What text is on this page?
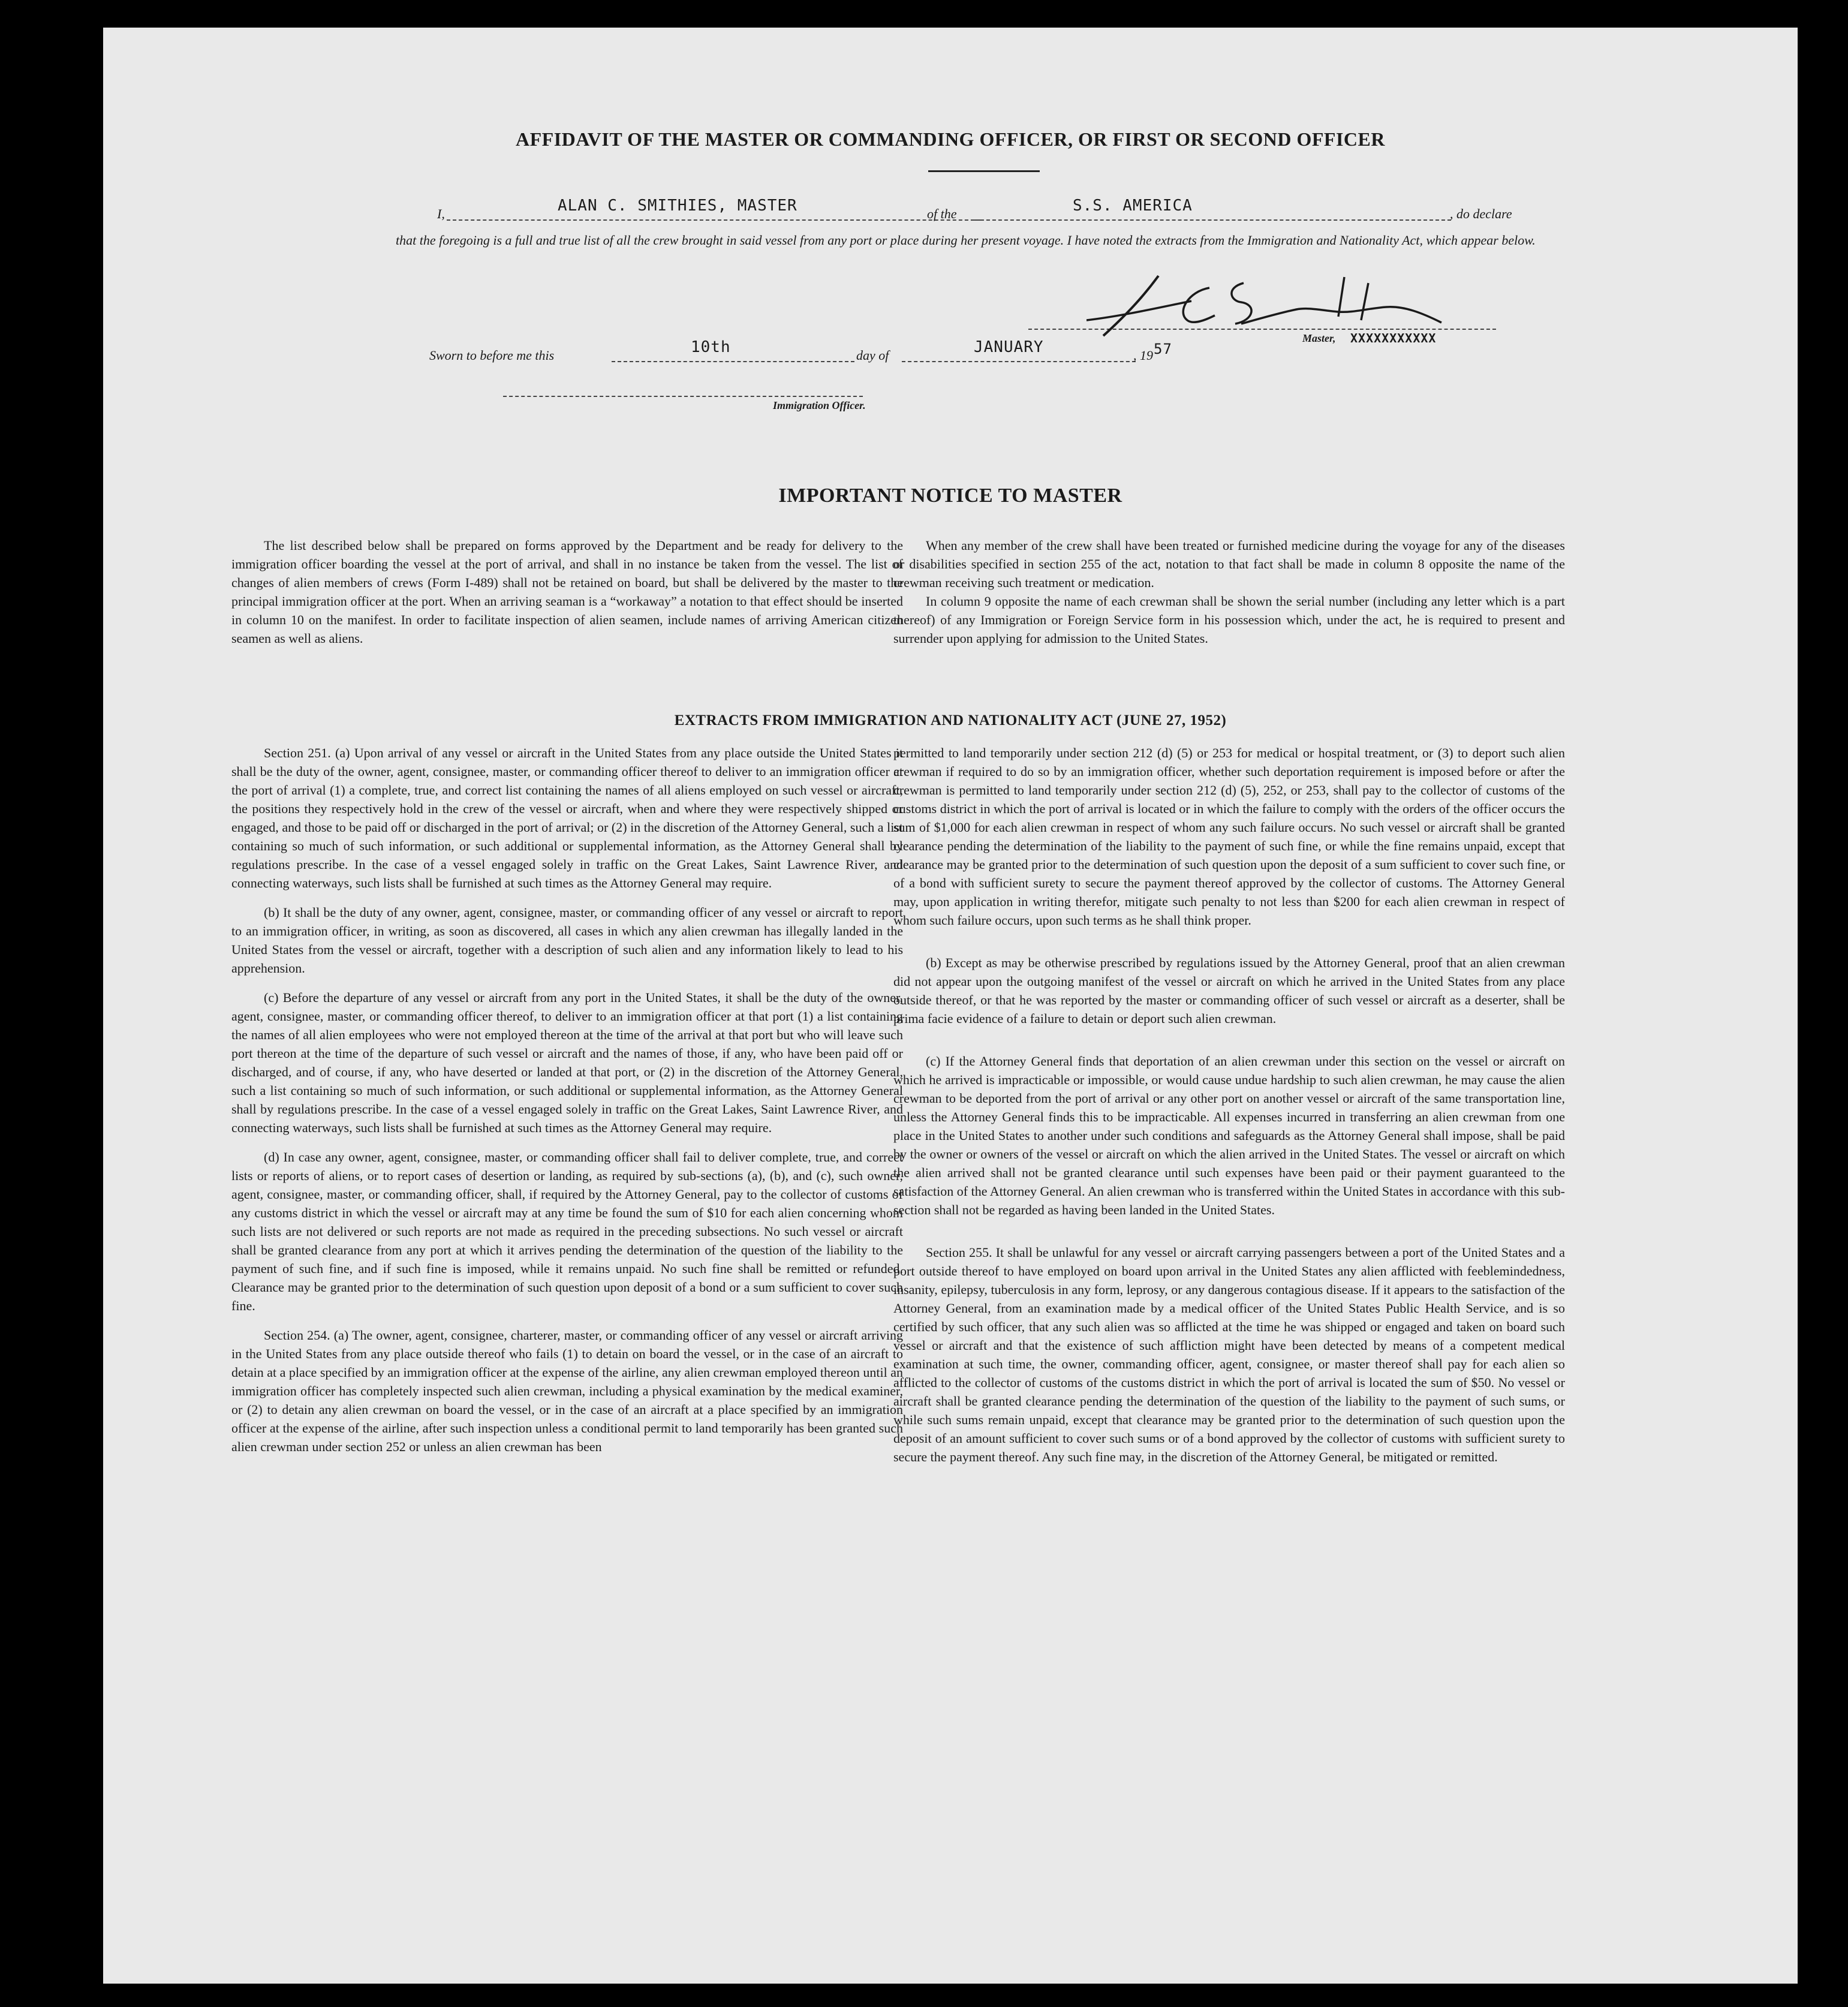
AFFIDAVIT OF THE MASTER OR COMMANDING OFFICER, OR FIRST OR SECOND OFFICER
I,	ALAN C. SMITHIES, MASTER	of the	S.S. AMERICA	, do declare
that the foregoing is a full and true list of all the crew brought in said vessel from any port or place during her present voyage. I have noted the extracts from the Immigration and Nationality Act, which appear below.
Master, XXXXXXXXXXX
Sworn to before me this	10th	day of	JANUARY	, 19 57
Immigration Officer.
IMPORTANT NOTICE TO MASTER

The list described below shall be prepared on forms approved by the Department and be ready for delivery to the immigration officer boarding the vessel at the port of arrival, and shall in no instance be taken from the vessel. The list of changes of alien members of crews (Form I-489) shall not be retained on board, but shall be delivered by the master to the principal immigration officer at the port. When an arriving seaman is a “workaway” a notation to that effect should be inserted in column 10 on the manifest. In order to facilitate inspection of alien seamen, include names of arriving American citizen seamen as well as aliens.

When any member of the crew shall have been treated or furnished medicine during the voyage for any of the diseases or disabilities specified in section 255 of the act, notation to that fact shall be made in column 8 opposite the name of the crewman receiving such treatment or medication.

In column 9 opposite the name of each crewman shall be shown the serial number (including any letter which is a part thereof) of any Immigration or Foreign Service form in his possession which, under the act, he is required to present and surrender upon applying for admission to the United States.

EXTRACTS FROM IMMIGRATION AND NATIONALITY ACT (JUNE 27, 1952)

Section 251. (a) Upon arrival of any vessel or aircraft in the United States from any place outside the United States it shall be the duty of the owner, agent, consignee, master, or commanding officer thereof to deliver to an immigration officer at the port of arrival (1) a complete, true, and correct list containing the names of all aliens employed on such vessel or aircraft, the positions they respectively hold in the crew of the vessel or aircraft, when and where they were respectively shipped or engaged, and those to be paid off or discharged in the port of arrival; or (2) in the discretion of the Attorney General, such a list containing so much of such information, or such additional or supplemental information, as the Attorney General shall by regulations prescribe. In the case of a vessel engaged solely in traffic on the Great Lakes, Saint Lawrence River, and connecting waterways, such lists shall be furnished at such times as the Attorney General may require.

(b) It shall be the duty of any owner, agent, consignee, master, or commanding officer of any vessel or aircraft to report to an immigration officer, in writing, as soon as discovered, all cases in which any alien crewman has illegally landed in the United States from the vessel or aircraft, together with a description of such alien and any information likely to lead to his apprehension.

(c) Before the departure of any vessel or aircraft from any port in the United States, it shall be the duty of the owner, agent, consignee, master, or commanding officer thereof, to deliver to an immigration officer at that port (1) a list containing the names of all alien employees who were not employed thereon at the time of the arrival at that port but who will leave such port thereon at the time of the departure of such vessel or aircraft and the names of those, if any, who have been paid off or discharged, and of course, if any, who have deserted or landed at that port, or (2) in the discretion of the Attorney General, such a list containing so much of such information, or such additional or supplemental information, as the Attorney General shall by regulations prescribe. In the case of a vessel engaged solely in traffic on the Great Lakes, Saint Lawrence River, and connecting waterways, such lists shall be furnished at such times as the Attorney General may require.

(d) In case any owner, agent, consignee, master, or commanding officer shall fail to deliver complete, true, and correct lists or reports of aliens, or to report cases of desertion or landing, as required by sub-sections (a), (b), and (c), such owner, agent, consignee, master, or commanding officer, shall, if required by the Attorney General, pay to the collector of customs of any customs district in which the vessel or aircraft may at any time be found the sum of $10 for each alien concerning whom such lists are not delivered or such reports are not made as required in the preceding subsections. No such vessel or aircraft shall be granted clearance from any port at which it arrives pending the determination of the question of the liability to the payment of such fine, and if such fine is imposed, while it remains unpaid. No such fine shall be remitted or refunded. Clearance may be granted prior to the determination of such question upon deposit of a bond or a sum sufficient to cover such fine.

Section 254. (a) The owner, agent, consignee, charterer, master, or commanding officer of any vessel or aircraft arriving in the United States from any place outside thereof who fails (1) to detain on board the vessel, or in the case of an aircraft to detain at a place specified by an immigration officer at the expense of the airline, any alien crewman employed thereon until an immigration officer has completely inspected such alien crewman, including a physical examination by the medical examiner, or (2) to detain any alien crewman on board the vessel, or in the case of an aircraft at a place specified by an immigration officer at the expense of the airline, after such inspection unless a conditional permit to land temporarily has been granted such alien crewman under section 252 or unless an alien crewman has been

permitted to land temporarily under section 212 (d) (5) or 253 for medical or hospital treatment, or (3) to deport such alien crewman if required to do so by an immigration officer, whether such deportation requirement is imposed before or after the crewman is permitted to land temporarily under section 212 (d) (5), 252, or 253, shall pay to the collector of customs of the customs district in which the port of arrival is located or in which the failure to comply with the orders of the officer occurs the sum of $1,000 for each alien crewman in respect of whom any such failure occurs. No such vessel or aircraft shall be granted clearance pending the determination of the liability to the payment of such fine, or while the fine remains unpaid, except that clearance may be granted prior to the determination of such question upon the deposit of a sum sufficient to cover such fine, or of a bond with sufficient surety to secure the payment thereof approved by the collector of customs. The Attorney General may, upon application in writing therefor, mitigate such penalty to not less than $200 for each alien crewman in respect of whom such failure occurs, upon such terms as he shall think proper.

(b) Except as may be otherwise prescribed by regulations issued by the Attorney General, proof that an alien crewman did not appear upon the outgoing manifest of the vessel or aircraft on which he arrived in the United States from any place outside thereof, or that he was reported by the master or commanding officer of such vessel or aircraft as a deserter, shall be prima facie evidence of a failure to detain or deport such alien crewman.

(c) If the Attorney General finds that deportation of an alien crewman under this section on the vessel or aircraft on which he arrived is impracticable or impossible, or would cause undue hardship to such alien crewman, he may cause the alien crewman to be deported from the port of arrival or any other port on another vessel or aircraft of the same transportation line, unless the Attorney General finds this to be impracticable. All expenses incurred in transferring an alien crewman from one place in the United States to another under such conditions and safeguards as the Attorney General shall impose, shall be paid by the owner or owners of the vessel or aircraft on which the alien arrived in the United States. The vessel or aircraft on which the alien arrived shall not be granted clearance until such expenses have been paid or their payment guaranteed to the satisfaction of the Attorney General. An alien crewman who is transferred within the United States in accordance with this sub-section shall not be regarded as having been landed in the United States.

Section 255. It shall be unlawful for any vessel or aircraft carrying passengers between a port of the United States and a port outside thereof to have employed on board upon arrival in the United States any alien afflicted with feeblemindedness, insanity, epilepsy, tuberculosis in any form, leprosy, or any dangerous contagious disease. If it appears to the satisfaction of the Attorney General, from an examination made by a medical officer of the United States Public Health Service, and is so certified by such officer, that any such alien was so afflicted at the time he was shipped or engaged and taken on board such vessel or aircraft and that the existence of such affliction might have been detected by means of a competent medical examination at such time, the owner, commanding officer, agent, consignee, or master thereof shall pay for each alien so afflicted to the collector of customs of the customs district in which the port of arrival is located the sum of $50. No vessel or aircraft shall be granted clearance pending the determination of the question of the liability to the payment of such sums, or while such sums remain unpaid, except that clearance may be granted prior to the determination of such question upon the deposit of an amount sufficient to cover such sums or of a bond approved by the collector of customs with sufficient surety to secure the payment thereof. Any such fine may, in the discretion of the Attorney General, be mitigated or remitted.
